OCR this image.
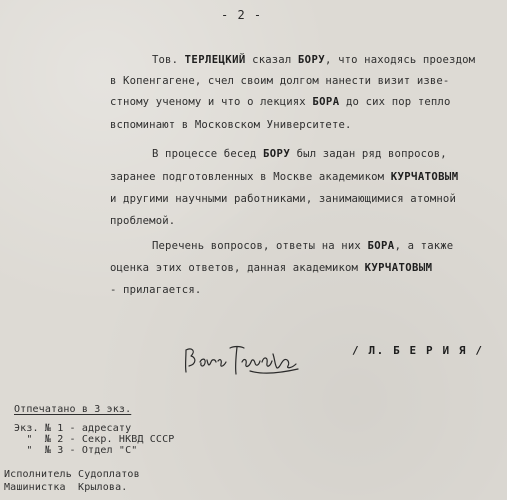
- 2 -
Тов. ТЕРЛЕЦКИЙ сказал БОРУ, что находясь проездом
в Копенгагене, счел своим долгом нанести визит изве-
стному ученому и что о лекциях БОРА до сих пор тепло
вспоминают в Московском Университете.
В процессе бесед БОРУ был задан ряд вопросов,
заранее подготовленных в Москве академиком КУРЧАТОВЫМ
и другими научными работниками, занимающимися атомной
проблемой.
Перечень вопросов, ответы на них БОРА, а также
оценка этих ответов, данная академиком КУРЧАТОВЫМ
- прилагается.
/ Л. Б Е Р И Я /
Отпечатано в 3 экз.
Экз. № 1 - адресату
"  № 2 - Секр. НКВД СССР
"  № 3 - Отдел "С"
Исполнитель Судоплатов
Машинистка  Крылова.
